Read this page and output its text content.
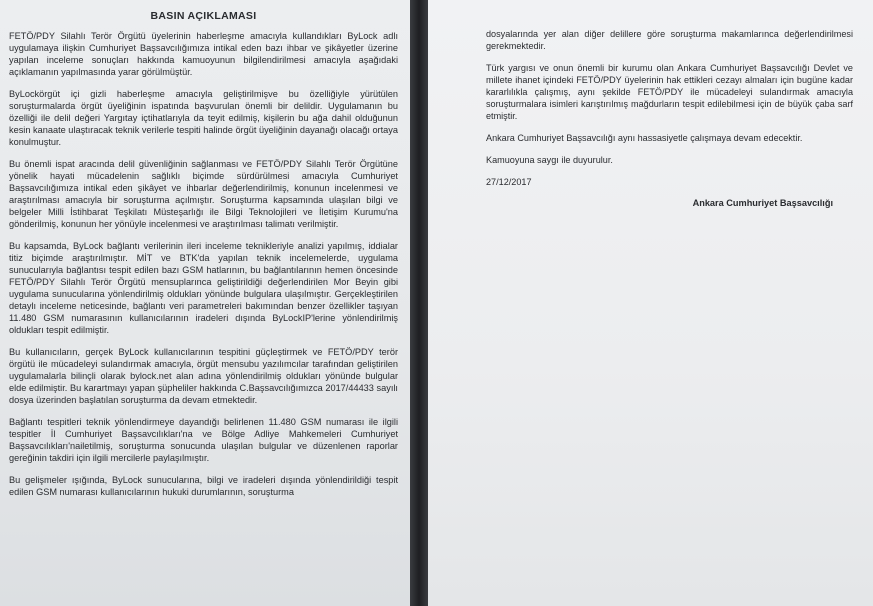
BASIN AÇIKLAMASI

FETÖ/PDY Silahlı Terör Örgütü üyelerinin haberleşme amacıyla kullandıkları ByLock adlı uygulamaya ilişkin Cumhuriyet Başsavcılığımıza intikal eden bazı ihbar ve şikâyetler üzerine yapılan inceleme sonuçları hakkında kamuoyunun bilgilendirilmesi amacıyla aşağıdaki açıklamanın yapılmasında yarar görülmüştür.

ByLockörgüt içi gizli haberleşme amacıyla geliştirilmişve bu özelliğiyle yürütülen soruşturmalarda örgüt üyeliğinin ispatında başvurulan önemli bir delildir. Uygulamanın bu özelliği ile delil değeri Yargıtay içtihatlarıyla da teyit edilmiş, kişilerin bu ağa dahil olduğunun kesin kanaate ulaştıracak teknik verilerle tespiti halinde örgüt üyeliğinin dayanağı olacağı ortaya konulmuştur.

Bu önemli ispat aracında delil güvenliğinin sağlanması ve FETÖ/PDY Silahlı Terör Örgütüne yönelik hayati mücadelenin sağlıklı biçimde sürdürülmesi amacıyla Cumhuriyet Başsavcılığımıza intikal eden şikâyet ve ihbarlar değerlendirilmiş, konunun incelenmesi ve araştırılması amacıyla bir soruşturma açılmıştır. Soruşturma kapsamında ulaşılan bilgi ve belgeler Milli İstihbarat Teşkilatı Müsteşarlığı ile Bilgi Teknolojileri ve İletişim Kurumu'na gönderilmiş, konunun her yönüyle incelenmesi ve araştırılması talimatı verilmiştir.

Bu kapsamda, ByLock bağlantı verilerinin ileri inceleme teknikleriyle analizi yapılmış, iddialar titiz biçimde araştırılmıştır. MİT ve BTK'da yapılan teknik incelemelerde, uygulama sunucularıyla bağlantısı tespit edilen bazı GSM hatlarının, bu bağlantılarının hemen öncesinde FETÖ/PDY Silahlı Terör Örgütü mensuplarınca geliştirildiği değerlendirilen Mor Beyin gibi uygulama sunucularına yönlendirilmiş oldukları yönünde bulgulara ulaşılmıştır. Gerçekleştirilen detaylı inceleme neticesinde, bağlantı veri parametreleri bakımından benzer özellikler taşıyan 11.480 GSM numarasının kullanıcılarının iradeleri dışında ByLockIP'lerine yönlendirilmiş oldukları tespit edilmiştir.

Bu kullanıcıların, gerçek ByLock kullanıcılarının tespitini güçleştirmek ve FETÖ/PDY terör örgütü ile mücadeleyi sulandırmak amacıyla, örgüt mensubu yazılımcılar tarafından geliştirilen uygulamalarla bilinçli olarak bylock.net alan adına yönlendirilmiş oldukları yönünde bulgular elde edilmiştir. Bu karartmayı yapan şüpheliler hakkında C.Başsavcılığımızca 2017/44433 sayılı dosya üzerinden başlatılan soruşturma da devam etmektedir.

Bağlantı tespitleri teknik yönlendirmeye dayandığı belirlenen 11.480 GSM numarası ile ilgili tespitler İl Cumhuriyet Başsavcılıkları'na ve Bölge Adliye Mahkemeleri Cumhuriyet Başsavcılıkları'nailetilmiş, soruşturma sonucunda ulaşılan bulgular ve düzenlenen raporlar gereğinin takdiri için ilgili mercilerle paylaşılmıştır.

Bu gelişmeler ışığında, ByLock sunucularına, bilgi ve iradeleri dışında yönlendirildiği tespit edilen GSM numarası kullanıcılarının hukuki durumlarının, soruşturma

dosyalarında yer alan diğer delillere göre soruşturma makamlarınca değerlendirilmesi gerekmektedir.

Türk yargısı ve onun önemli bir kurumu olan Ankara Cumhuriyet Başsavcılığı Devlet ve millete ihanet içindeki FETÖ/PDY üyelerinin hak ettikleri cezayı almaları için bugüne kadar kararlılıkla çalışmış, aynı şekilde FETÖ/PDY ile mücadeleyi sulandırmak amacıyla soruşturmalara isimleri karıştırılmış mağdurların tespit edilebilmesi için de büyük çaba sarf etmiştir.

Ankara Cumhuriyet Başsavcılığı aynı hassasiyetle çalışmaya devam edecektir.

Kamuoyuna saygı ile duyurulur.

27/12/2017

Ankara Cumhuriyet Başsavcılığı
